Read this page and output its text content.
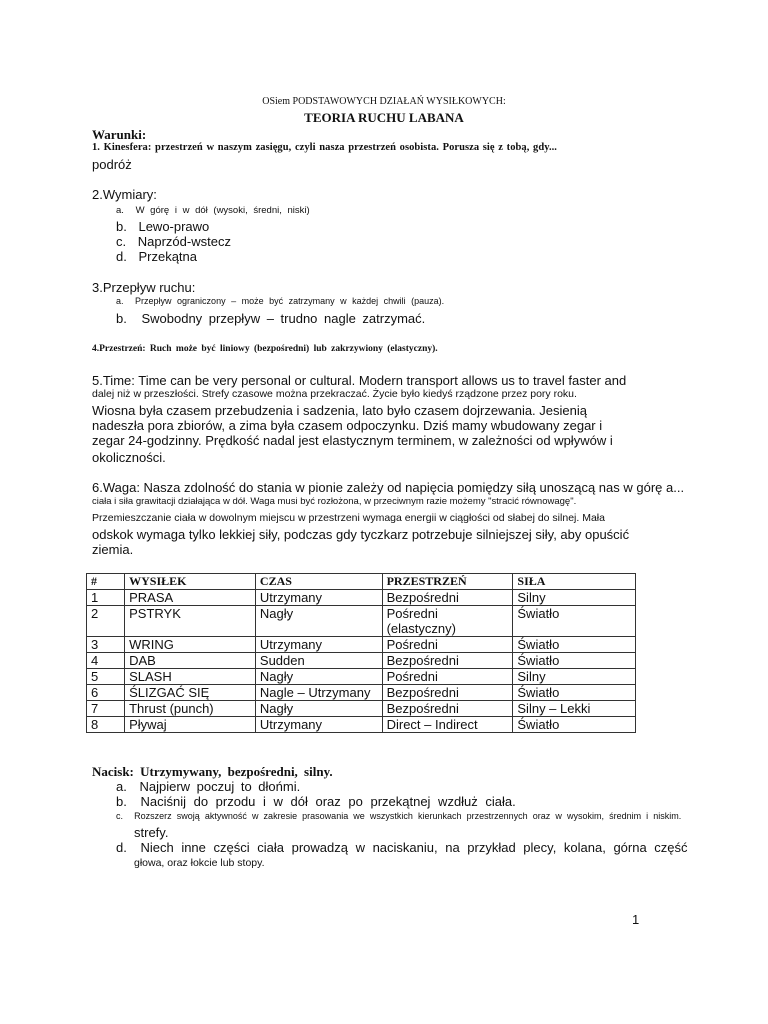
OSiem PODSTAWOWYCH DZIAŁAŃ WYSIŁKOWYCH:
TEORIA RUCHU LABANA
Warunki:
1. Kinesfera: przestrzeń w naszym zasięgu, czyli nasza przestrzeń osobista. Porusza się z tobą, gdy...
podróż
2.Wymiary:
a. W górę i w dół (wysoki, średni, niski)
b. Lewo-prawo
c. Naprzód-wstecz
d. Przekątna
3.Przepływ ruchu:
a. Przepływ ograniczony – może być zatrzymany w każdej chwili (pauza).
b. Swobodny przepływ – trudno nagle zatrzymać.
4.Przestrzeń: Ruch może być liniowy (bezpośredni) lub zakrzywiony (elastyczny).
5.Time: Time can be very personal or cultural. Modern transport allows us to travel faster and
dalej niż w przeszłości. Strefy czasowe można przekraczać. Życie było kiedyś rządzone przez pory roku.
Wiosna była czasem przebudzenia i sadzenia, lato było czasem dojrzewania. Jesienią
nadeszła pora zbiorów, a zima była czasem odpoczynku. Dziś mamy wbudowany zegar i
zegar 24-godzinny. Prędkość nadal jest elastycznym terminem, w zależności od wpływów i
okoliczności.
6.Waga: Nasza zdolność do stania w pionie zależy od napięcia pomiędzy siłą unoszącą nas w górę a...
ciała i siła grawitacji działająca w dół. Waga musi być rozłożona, w przeciwnym razie możemy "stracić równowagę".
Przemieszczanie ciała w dowolnym miejscu w przestrzeni wymaga energii w ciągłości od słabej do silnej. Mała
odskok wymaga tylko lekkiej siły, podczas gdy tyczkarz potrzebuje silniejszej siły, aby opuścić
ziemia.
#	WYSIŁEK	CZAS	PRZESTRZEŃ	SIŁA
1	PRASA	Utrzymany	Bezpośredni	Silny
2	PSTRYK	Nagły	Pośredni (elastyczny)	Światło
3	WRING	Utrzymany	Pośredni	Światło
4	DAB	Sudden	Bezpośredni	Światło
5	SLASH	Nagły	Pośredni	Silny
6	ŚLIZGAĆ SIĘ	Nagle – Utrzymany	Bezpośredni	Światło
7	Thrust (punch)	Nagły	Bezpośredni	Silny – Lekki
8	Pływaj	Utrzymany	Direct – Indirect	Światło
Nacisk: Utrzymywany, bezpośredni, silny.
a. Najpierw poczuj to dłońmi.
b. Naciśnij do przodu i w dół oraz po przekątnej wzdłuż ciała.
c. Rozszerz swoją aktywność w zakresie prasowania we wszystkich kierunkach przestrzennych oraz w wysokim, średnim i niskim.
strefy.
d. Niech inne części ciała prowadzą w naciskaniu, na przykład plecy, kolana, górna część
głowa, oraz łokcie lub stopy.
1
